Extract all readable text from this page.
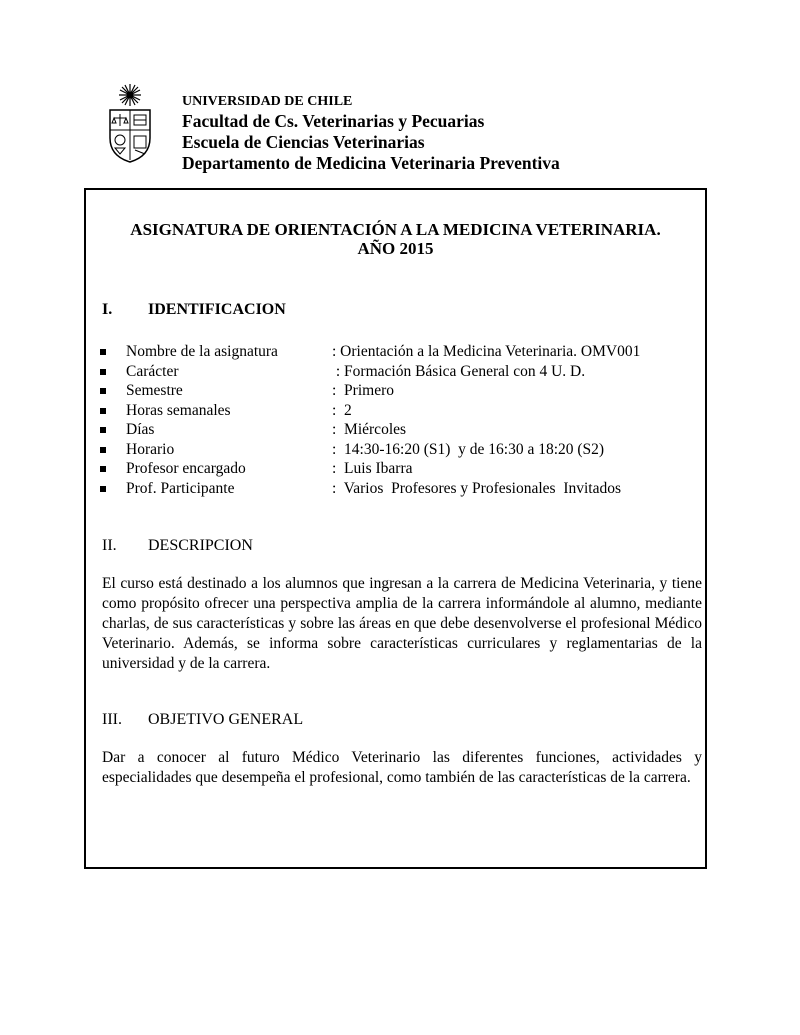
UNIVERSIDAD DE CHILE
Facultad de Cs. Veterinarias y Pecuarias
Escuela de Ciencias Veterinarias
Departamento de Medicina Veterinaria Preventiva
ASIGNATURA DE ORIENTACIÓN A LA MEDICINA VETERINARIA.
AÑO 2015
I. IDENTIFICACION
Nombre de la asignatura	: Orientación a la Medicina Veterinaria. OMV001
Carácter	: Formación Básica General con 4 U. D.
Semestre	:  Primero
Horas semanales	:  2
Días	:  Miércoles
Horario	:  14:30-16:20 (S1)  y de 16:30 a 18:20 (S2)
Profesor encargado	:  Luis Ibarra
Prof. Participante	:  Varios  Profesores y Profesionales  Invitados
II. DESCRIPCION

El curso está destinado a los alumnos que ingresan a la carrera de Medicina Veterinaria, y tiene como propósito ofrecer una perspectiva amplia de la carrera informándole al alumno, mediante charlas, de sus características y sobre las áreas en que debe desenvolverse el profesional Médico Veterinario. Además, se informa sobre características curriculares y reglamentarias de la universidad y de la carrera.

III. OBJETIVO GENERAL

Dar a conocer al futuro Médico Veterinario las diferentes funciones, actividades y especialidades que desempeña el profesional, como también de las características de la carrera.
